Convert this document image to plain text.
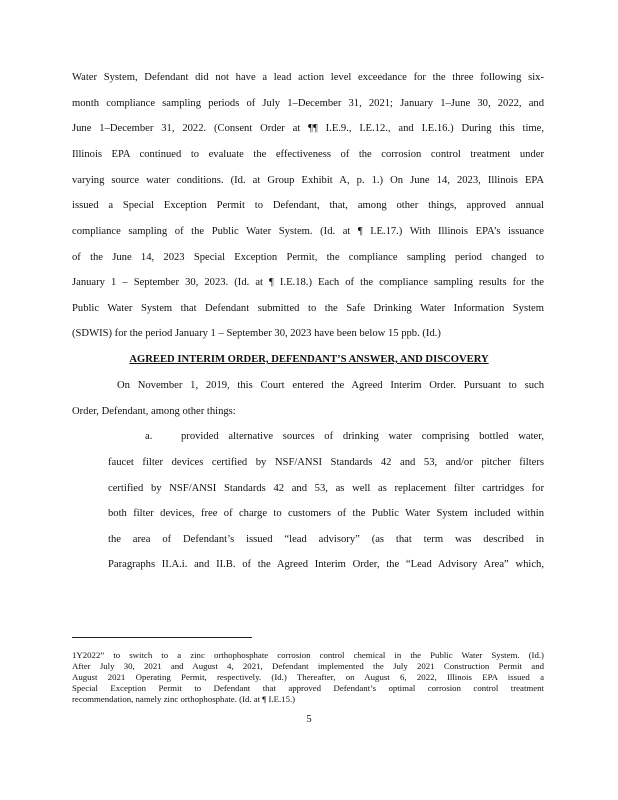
Water System, Defendant did not have a lead action level exceedance for the three following six-
month compliance sampling periods of July 1–December 31, 2021; January 1–June 30, 2022, and
June 1–December 31, 2022. (Consent Order at ¶¶ I.E.9., I.E.12., and I.E.16.) During this time,
Illinois EPA continued to evaluate the effectiveness of the corrosion control treatment under
varying source water conditions. (Id. at Group Exhibit A, p. 1.) On June 14, 2023, Illinois EPA
issued a Special Exception Permit to Defendant, that, among other things, approved annual
compliance sampling of the Public Water System. (Id. at ¶ I.E.17.) With Illinois EPA’s issuance
of the June 14, 2023 Special Exception Permit, the compliance sampling period changed to
January 1 – September 30, 2023. (Id. at ¶ I.E.18.) Each of the compliance sampling results for the
Public Water System that Defendant submitted to the Safe Drinking Water Information System
(SDWIS) for the period January 1 – September 30, 2023 have been below 15 ppb. (Id.)
AGREED INTERIM ORDER, DEFENDANT’S ANSWER, AND DISCOVERY
On November 1, 2019, this Court entered the Agreed Interim Order. Pursuant to such
Order, Defendant, among other things:
a.	provided alternative sources of drinking water comprising bottled water,
faucet filter devices certified by NSF/ANSI Standards 42 and 53, and/or pitcher filters
certified by NSF/ANSI Standards 42 and 53, as well as replacement filter cartridges for
both filter devices, free of charge to customers of the Public Water System included within
the area of Defendant’s issued “lead advisory” (as that term was described in
Paragraphs II.A.i. and II.B. of the Agreed Interim Order, the “Lead Advisory Area” which,
1Y2022” to switch to a zinc orthophosphate corrosion control chemical in the Public Water System. (Id.)
After July 30, 2021 and August 4, 2021, Defendant implemented the July 2021 Construction Permit and
August 2021 Operating Permit, respectively. (Id.) Thereafter, on August 6, 2022, Illinois EPA issued a
Special Exception Permit to Defendant that approved Defendant’s optimal corrosion control treatment
recommendation, namely zinc orthophosphate. (Id. at ¶ I.E.15.)
5
